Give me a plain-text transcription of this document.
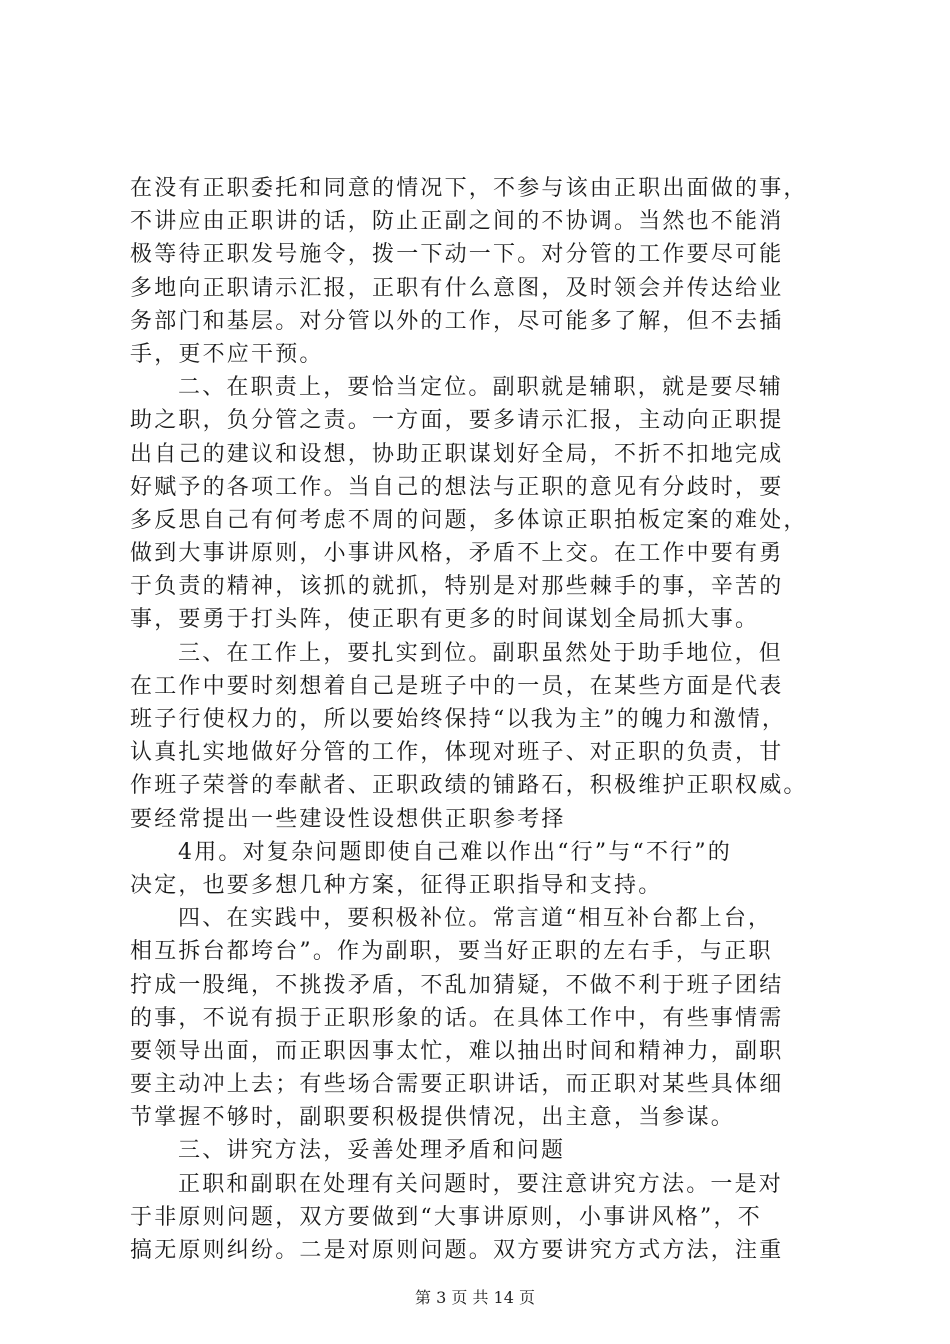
在没有正职委托和同意的情况下，不参与该由正职出面做的事，
不讲应由正职讲的话，防止正副之间的不协调。当然也不能消
极等待正职发号施令，拨一下动一下。对分管的工作要尽可能
多地向正职请示汇报，正职有什么意图，及时领会并传达给业
务部门和基层。对分管以外的工作，尽可能多了解，但不去插
手，更不应干预。
二、在职责上，要恰当定位。副职就是辅职，就是要尽辅
助之职，负分管之责。一方面，要多请示汇报，主动向正职提
出自己的建议和设想，协助正职谋划好全局，不折不扣地完成
好赋予的各项工作。当自己的想法与正职的意见有分歧时，要
多反思自己有何考虑不周的问题，多体谅正职拍板定案的难处，
做到大事讲原则，小事讲风格，矛盾不上交。在工作中要有勇
于负责的精神，该抓的就抓，特别是对那些棘手的事，辛苦的
事，要勇于打头阵，使正职有更多的时间谋划全局抓大事。
三、在工作上，要扎实到位。副职虽然处于助手地位，但
在工作中要时刻想着自己是班子中的一员，在某些方面是代表
班子行使权力的，所以要始终保持“以我为主”的魄力和激情，
认真扎实地做好分管的工作，体现对班子、对正职的负责，甘
作班子荣誉的奉献者、正职政绩的铺路石，积极维护正职权威。
要经常提出一些建设性设想供正职参考择
4用。对复杂问题即使自己难以作出“行”与“不行”的
决定，也要多想几种方案，征得正职指导和支持。
四、在实践中，要积极补位。常言道“相互补台都上台，
相互拆台都垮台”。作为副职，要当好正职的左右手，与正职
拧成一股绳，不挑拨矛盾，不乱加猜疑，不做不利于班子团结
的事，不说有损于正职形象的话。在具体工作中，有些事情需
要领导出面，而正职因事太忙，难以抽出时间和精神力，副职
要主动冲上去；有些场合需要正职讲话，而正职对某些具体细
节掌握不够时，副职要积极提供情况，出主意，当参谋。
三、讲究方法，妥善处理矛盾和问题
正职和副职在处理有关问题时，要注意讲究方法。一是对
于非原则问题，双方要做到“大事讲原则，小事讲风格”，不
搞无原则纠纷。二是对原则问题。双方要讲究方式方法，注重
第 3 页 共 14 页
